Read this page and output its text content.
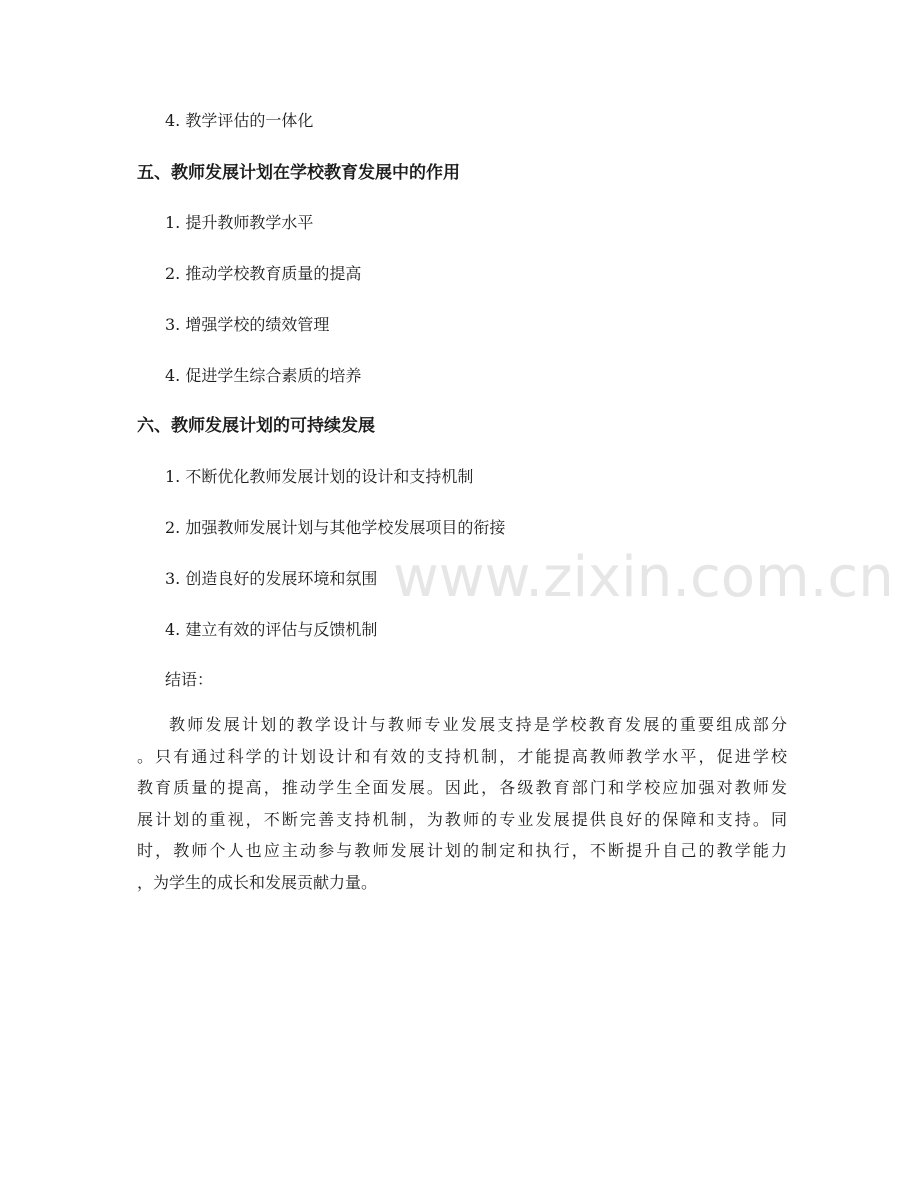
4. 教学评估的一体化
五、教师发展计划在学校教育发展中的作用
1. 提升教师教学水平
2. 推动学校教育质量的提高
3. 增强学校的绩效管理
4. 促进学生综合素质的培养
六、教师发展计划的可持续发展
1. 不断优化教师发展计划的设计和支持机制
2. 加强教师发展计划与其他学校发展项目的衔接
3. 创造良好的发展环境和氛围
4. 建立有效的评估与反馈机制
结语：
教师发展计划的教学设计与教师专业发展支持是学校教育发展的重要组成部分
。只有通过科学的计划设计和有效的支持机制，才能提高教师教学水平，促进学校
教育质量的提高，推动学生全面发展。因此，各级教育部门和学校应加强对教师发
展计划的重视，不断完善支持机制，为教师的专业发展提供良好的保障和支持。同
时，教师个人也应主动参与教师发展计划的制定和执行，不断提升自己的教学能力
，为学生的成长和发展贡献力量。
www.zixin.com.cn
